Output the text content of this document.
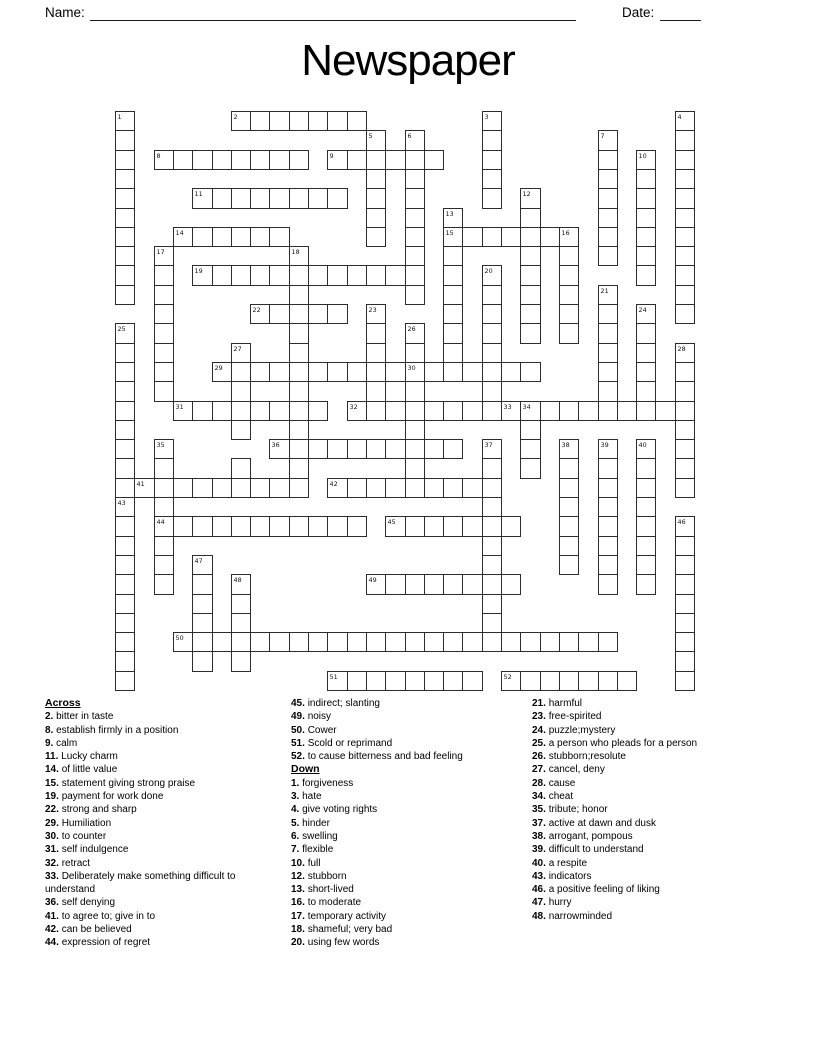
Name:	Date:
Newspaper
1	2	3	4
5	6	7
8	9	10
11	12
13
14	15	16
17	18
19	20
21
22	23	24
25	26
27	28
29	30
31	32	33 34
35	36	37	38	39	40
41	42
43
44	45	46
47
48	49
50
51	52
Across
2. bitter in taste
8. establish firmly in a position
9. calm
11. Lucky charm
14. of little value
15. statement giving strong praise
19. payment for work done
22. strong and sharp
29. Humiliation
30. to counter
31. self indulgence
32. retract
33. Deliberately make something difficult to understand
36. self denying
41. to agree to; give in to
42. can be believed
44. expression of regret
45. indirect; slanting
49. noisy
50. Cower
51. Scold or reprimand
52. to cause bitterness and bad feeling
Down
1. forgiveness
3. hate
4. give voting rights
5. hinder
6. swelling
7. flexible
10. full
12. stubborn
13. short-lived
16. to moderate
17. temporary activity
18. shameful; very bad
20. using few words
21. harmful
23. free-spirited
24. puzzle;mystery
25. a person who pleads for a person
26. stubborn;resolute
27. cancel, deny
28. cause
34. cheat
35. tribute; honor
37. active at dawn and dusk
38. arrogant, pompous
39. difficult to understand
40. a respite
43. indicators
46. a positive feeling of liking
47. hurry
48. narrowminded
